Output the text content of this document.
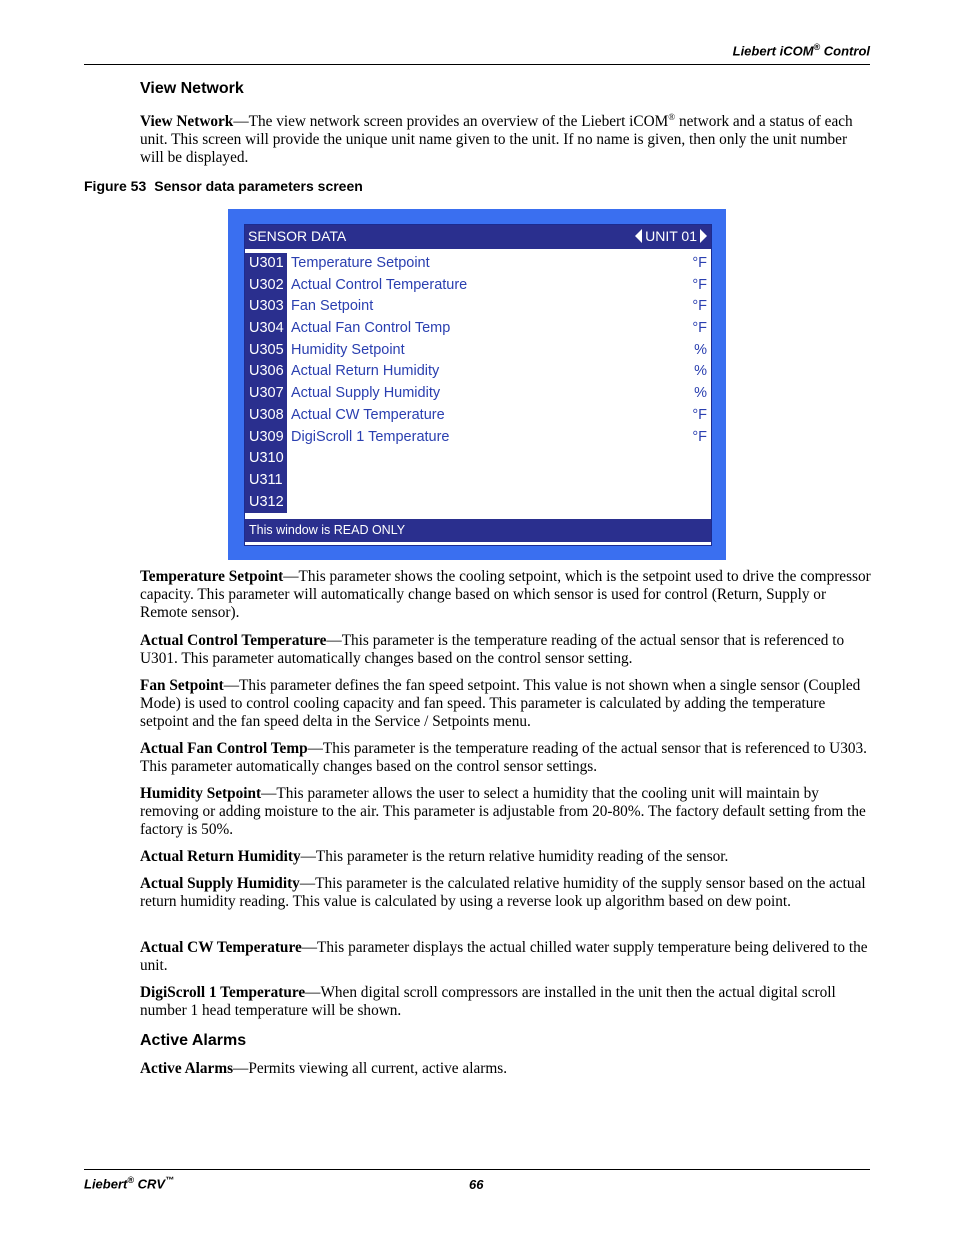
Liebert iCOM® Control
View Network
View Network—The view network screen provides an overview of the Liebert iCOM® network and a status of each unit. This screen will provide the unique unit name given to the unit. If no name is given, then only the unit number will be displayed.
Figure 53 Sensor data parameters screen
SENSOR DATA	UNIT 01
U301 Temperature Setpoint	°F
U302 Actual Control Temperature	°F
U303 Fan Setpoint	°F
U304 Actual Fan Control Temp	°F
U305 Humidity Setpoint	%
U306 Actual Return Humidity	%
U307 Actual Supply Humidity	%
U308 Actual CW Temperature	°F
U309 DigiScroll 1 Temperature	°F
U310
U311
U312
This window is READ ONLY
Temperature Setpoint—This parameter shows the cooling setpoint, which is the setpoint used to drive the compressor capacity. This parameter will automatically change based on which sensor is used for control (Return, Supply or Remote sensor).
Actual Control Temperature—This parameter is the temperature reading of the actual sensor that is referenced to U301. This parameter automatically changes based on the control sensor setting.
Fan Setpoint—This parameter defines the fan speed setpoint. This value is not shown when a single sensor (Coupled Mode) is used to control cooling capacity and fan speed. This parameter is calculated by adding the temperature setpoint and the fan speed delta in the Service / Setpoints menu.
Actual Fan Control Temp—This parameter is the temperature reading of the actual sensor that is referenced to U303. This parameter automatically changes based on the control sensor settings.
Humidity Setpoint—This parameter allows the user to select a humidity that the cooling unit will maintain by removing or adding moisture to the air. This parameter is adjustable from 20-80%. The factory default setting from the factory is 50%.
Actual Return Humidity—This parameter is the return relative humidity reading of the sensor.
Actual Supply Humidity—This parameter is the calculated relative humidity of the supply sensor based on the actual return humidity reading. This value is calculated by using a reverse look up algorithm based on dew point.
Actual CW Temperature—This parameter displays the actual chilled water supply temperature being delivered to the unit.
DigiScroll 1 Temperature—When digital scroll compressors are installed in the unit then the actual digital scroll number 1 head temperature will be shown.
Active Alarms
Active Alarms—Permits viewing all current, active alarms.
Liebert® CRV™	66
